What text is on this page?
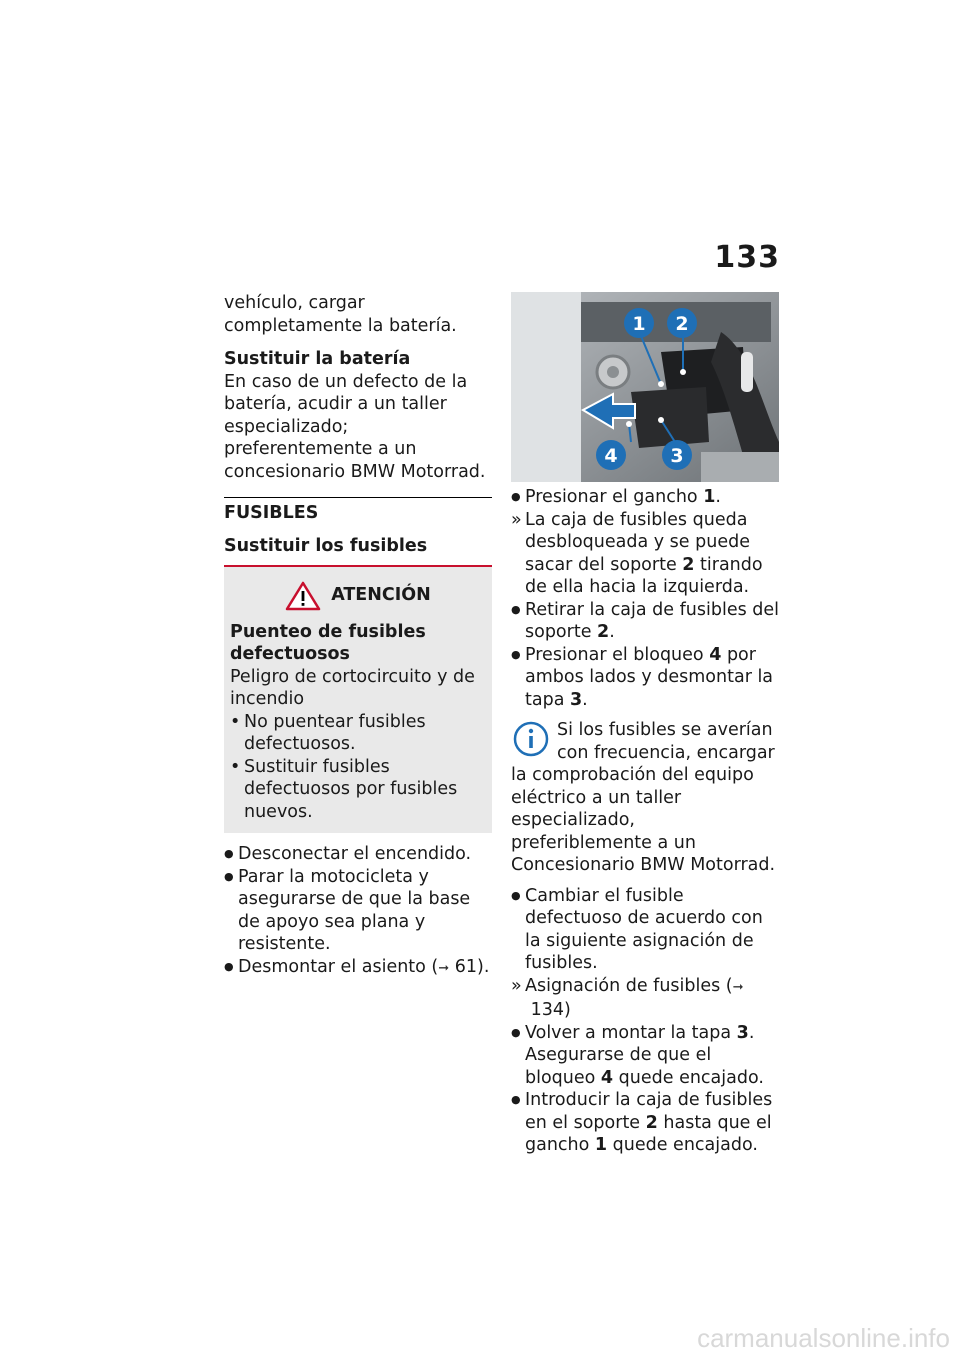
133

vehículo, cargar completamente la batería.

Sustituir la batería

En caso de un defecto de la batería, acudir a un taller especializado; preferentemente a un concesionario BMW Motorrad.

FUSIBLES
Sustituir los fusibles
ATENCIÓN

Puenteo de fusibles defectuosos

Peligro de cortocircuito y de incendio

• No puentear fusibles defectuosos.
• Sustituir fusibles defectuosos por fusibles nuevos.
● Desconectar el encendido.
● Parar la motocicleta y asegurarse de que la base de apoyo sea plana y resistente.
● Desmontar el asiento (➞ 61).
1 2
3
4
● Presionar el gancho 1.
» La caja de fusibles queda desbloqueada y se puede sacar del soporte 2 tirando de ella hacia la izquierda.
● Retirar la caja de fusibles del soporte 2.
● Presionar el bloqueo 4 por ambos lados y desmontar la tapa 3.
Si los fusibles se averían con frecuencia, encargar la comprobación del equipo eléctrico a un taller especializado, preferiblemente a un Concesionario BMW Motorrad.
● Cambiar el fusible defectuoso de acuerdo con la siguiente asignación de fusibles.
» Asignación de fusibles (➞ 134)
● Volver a montar la tapa 3. Asegurarse de que el bloqueo 4 quede encajado.
● Introducir la caja de fusibles en el soporte 2 hasta que el gancho 1 quede encajado.
carmanualsonline.info
